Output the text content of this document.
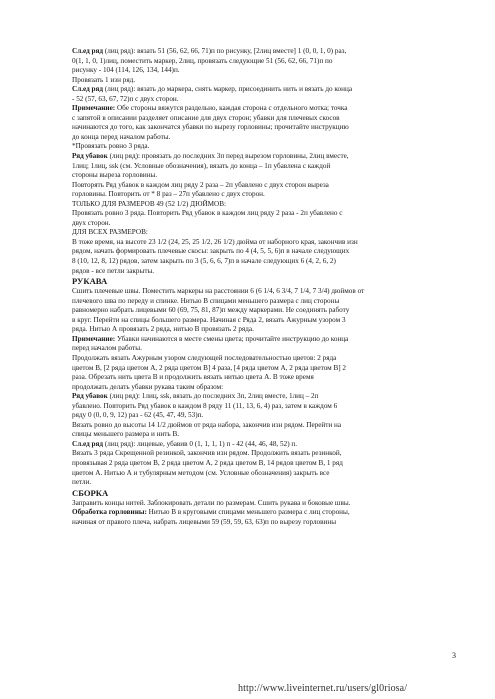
Сл.ед ряд (лиц ряд): вязать 51 (56, 62, 66, 71)п по рисунку, [2лиц вместе] 1 (0, 0, 1, 0) раз,

0(1, 1, 0, 1)лиц, поместить маркер, 2лиц, провязать следующие 51 (56, 62, 66, 71)п по

рисунку - 104 (114, 126, 134, 144)п.

Провязать 1 изн ряд.

Сл.ед ряд (лиц ряд): вязать до маркера, снять маркер, присоединить нить и вязать до конца

- 52 (57, 63, 67, 72)п с двух сторон.

Примечание: Обе стороны вяжутся раздельно, каждая сторона с отдельного мотка; точка

с запятой в описании разделяет описание для двух сторон; убавки для плечевых скосов

начинаются до того, как закончатся убавки по вырезу горловины; прочитайте инструкцию

до конца перед началом работы.

*Провязать ровно 3 ряда.

Ряд убавок (лиц ряд): провязать до последних 3п перед вырезом горловины, 2лиц вместе,

1лиц; 1лиц, ssk (см. Условные обозначения), вязать до конца – 1п убавлена с каждой

стороны выреза горловины.

Повторять Ряд убавок в каждом лиц ряду 2 раза – 2п убавлено с двух сторон выреза

горловины. Повторить от * 8 раз – 27п убавлено с двух сторон.

ТОЛЬКО ДЛЯ РАЗМЕРОВ 49 (52 1/2) ДЮЙМОВ:

Провязать ровно 3 ряда. Повторить Ряд убавок в каждом лиц ряду 2 раза - 2п убавлено с

двух сторон.

ДЛЯ ВСЕХ РАЗМЕРОВ:

В тоже время, на высоте 23 1/2 (24, 25, 25 1/2, 26 1/2) дюйма от наборного края, закончив изн

рядом, начать формировать плечевые скосы: закрыть по 4 (4, 5, 5, 6)п в начале следующих

8 (10, 12, 8, 12) рядов, затем закрыть по 3 (5, 6, 6, 7)п в начале следующих 6 (4, 2, 6, 2)

рядов - все петли закрыты.

РУКАВА

Сшить плечевые швы. Поместить маркеры на расстоянии 6 (6 1/4, 6 3/4, 7 1/4, 7 3/4) дюймов от

плечевого шва по переду и спинке. Нитью В спицами меньшего размера с лиц стороны

равномерно набрать лицевыми 60 (69, 75, 81, 87)п между маркерами. Не соединять работу

в круг. Перейти на спицы большего размера. Начиная с Ряда 2, вязать Ажурным узором 3

ряда. Нитью А провязать 2 ряда, нитью В провязать 2 ряда.

Примечание: Убавки начинаются в месте смены цвета; прочитайте инструкцию до конца

перед началом работы.

Продолжать вязать Ажурным узором следующей последовательностью цветов: 2 ряда

цветом В, [2 ряда цветом А, 2 ряда цветом В] 4 раза, [4 ряда цветом А, 2 ряда цветом В] 2

раза. Обрезать нить цвета В и продолжить вязать нитью цвета А. В тоже время

продолжать делать убавки рукава таким образом:

Ряд убавок (лиц ряд): 1лиц, ssk, вязать до последних 3п, 2лиц вместе, 1лиц – 2п

убавлено. Повторить Ряд убавок в каждом 8 ряду 11 (11, 13, 6, 4) раз, затем в каждом 6

ряду 0 (0, 0, 9, 12) раз - 62 (45, 47, 49, 53)п.

Вязать ровно до высоты 14 1/2 дюймов от ряда набора, закончив изн рядом. Перейти на

спицы меньшего размера и нить В.

Сл.ед ряд (лиц ряд): лицевые, убавив 0 (1, 1, 1, 1) п - 42 (44, 46, 48, 52) п.

Вязать 3 ряда Скрещенной резинкой, закончив изн рядом. Продолжить вязать резинкой,

провязывая 2 ряда цветом В, 2 ряда цветом А, 2 ряда цветом В, 14 рядов цветом В, 1 ряд

цветом А. Нитью А и тубулярным методом (см. Условные обозначения) закрыть все

петли.

СБОРКА

Заправить концы нитей. Заблокировать детали по размерам. Сшить рукава и боковые швы.

Обработка горловины: Нитью В в круговыми спицами меньшего размера с лиц стороны,

начиная от правого плеча, набрать лицевыми 59 (59, 59, 63, 63)п по вырезу горловины

3
http://www.liveinternet.ru/users/gl0riosa/
